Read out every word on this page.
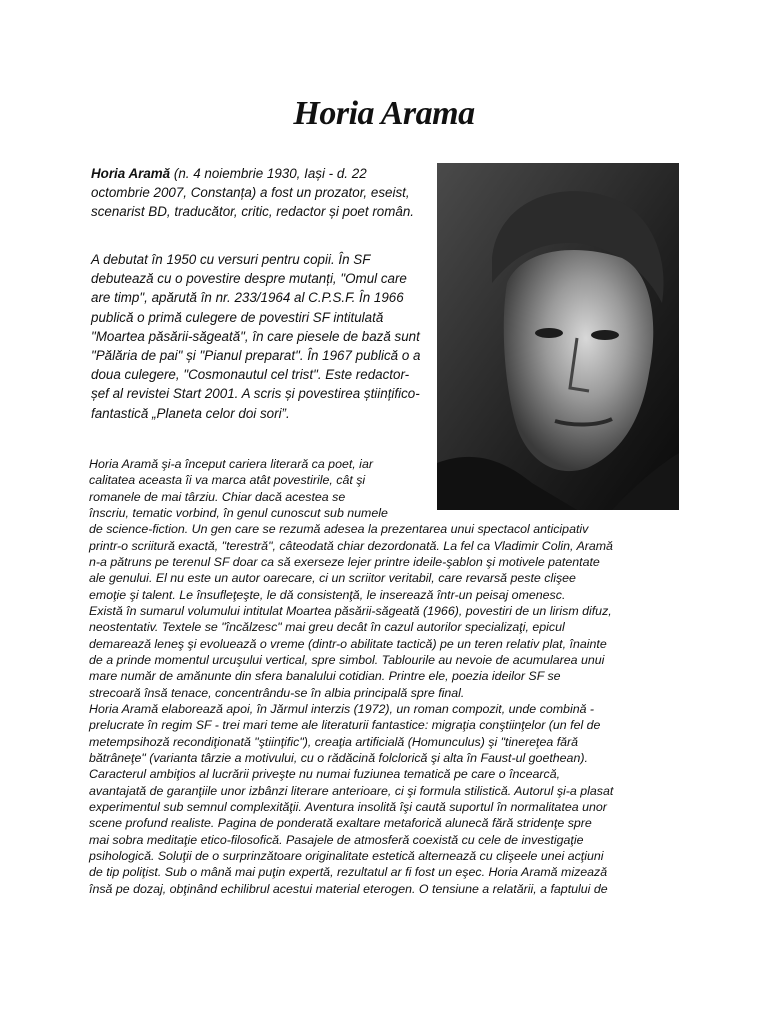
Horia Arama

Horia Aramă (n. 4 noiembrie 1930, Iași - d. 22 octombrie 2007, Constanța) a fost un prozator, eseist, scenarist BD, traducător, critic, redactor și poet român.

A debutat în 1950 cu versuri pentru copii. În SF debutează cu o povestire despre mutanți, "Omul care are timp", apărută în nr. 233/1964 al C.P.S.F. În 1966 publică o primă culegere de povestiri SF intitulată "Moartea păsării-săgeată", în care piesele de bază sunt "Pălăria de pai" și "Pianul preparat". În 1967 publică o a doua culegere, "Cosmonautul cel trist". Este redactor-șef al revistei Start 2001. A scris și povestirea științifico-fantastică „Planeta celor doi sori”.

Horia Aramă şi-a început cariera literară ca poet, iar

calitatea aceasta îi va marca atât povestirile, cât şi

romanele de mai târziu. Chiar dacă acestea se

înscriu, tematic vorbind, în genul cunoscut sub numele

de science-fiction. Un gen care se rezumă adesea la prezentarea unui spectacol anticipativ

printr-o scriitură exactă, "terestră", câteodată chiar dezordonată. La fel ca Vladimir Colin, Aramă

n-a pătruns pe terenul SF doar ca să exerseze lejer printre ideile-şablon şi motivele patentate

ale genului. El nu este un autor oarecare, ci un scriitor veritabil, care revarsă peste clişee

emoţie şi talent. Le însufleţeşte, le dă consistenţă, le inserează într-un peisaj omenesc.

Există în sumarul volumului intitulat Moartea păsării-săgeată (1966), povestiri de un lirism difuz,

neostentativ. Textele se "încălzesc" mai greu decât în cazul autorilor specializaţi, epicul

demarează leneş şi evoluează o vreme (dintr-o abilitate tactică) pe un teren relativ plat, înainte

de a prinde momentul urcuşului vertical, spre simbol. Tablourile au nevoie de acumularea unui

mare număr de amănunte din sfera banalului cotidian. Printre ele, poezia ideilor SF se

strecoară însă tenace, concentrându-se în albia principală spre final.

Horia Aramă elaborează apoi, în Jărmul interzis (1972), un roman compozit, unde combină -

prelucrate în regim SF - trei mari teme ale literaturii fantastice: migraţia conştiinţelor (un fel de

metempsihoză recondiţionată "ştiinţific"), creaţia artificială (Homunculus) şi "tinereţea fără

bătrâneţe" (varianta târzie a motivului, cu o rădăcină folclorică şi alta în Faust-ul goethean).

Caracterul ambiţios al lucrării priveşte nu numai fuziunea tematică pe care o încearcă,

avantajată de garanţiile unor izbânzi literare anterioare, ci şi formula stilistică. Autorul şi-a plasat

experimentul sub semnul complexităţii. Aventura insolită îşi caută suportul în normalitatea unor

scene profund realiste. Pagina de ponderată exaltare metaforică alunecă fără stridenţe spre

mai sobra meditaţie etico-filosofică. Pasajele de atmosferă coexistă cu cele de investigaţie

psihologică. Soluţii de o surprinzătoare originalitate estetică alternează cu clişeele unei acţiuni

de tip poliţist. Sub o mână mai puţin expertă, rezultatul ar fi fost un eşec. Horia Aramă mizează

însă pe dozaj, obţinând echilibrul acestui material eterogen. O tensiune a relatării, a faptului de
